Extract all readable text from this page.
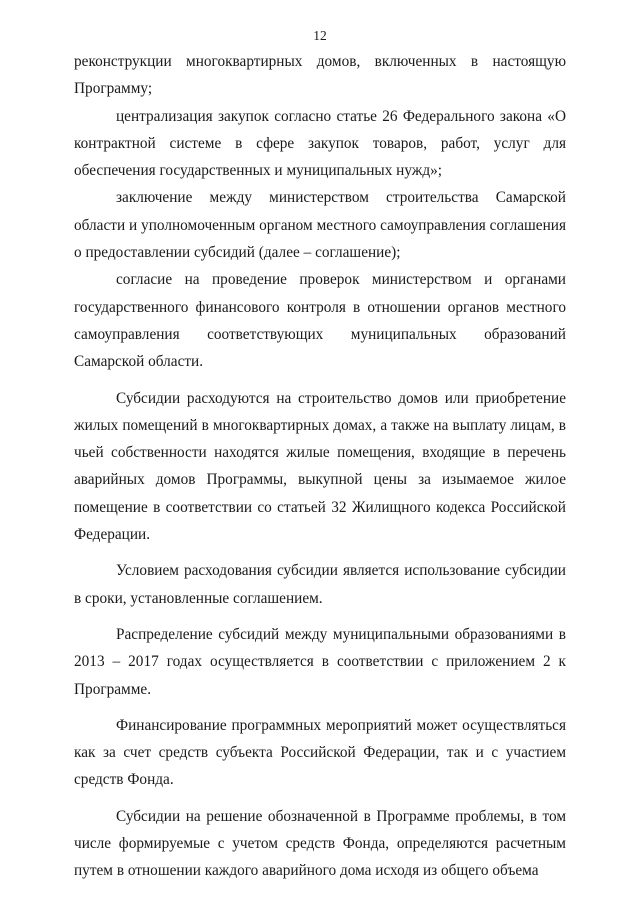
12

реконструкции многоквартирных домов, включенных в настоящую Программу;

централизация закупок согласно статье 26 Федерального закона «О контрактной системе в сфере закупок товаров, работ, услуг для обеспечения государственных и муниципальных нужд»;

заключение между министерством строительства Самарской области и уполномоченным органом местного самоуправления соглашения о предоставлении субсидий (далее – соглашение);

согласие на проведение проверок министерством и органами государственного финансового контроля в отношении органов местного самоуправления соответствующих муниципальных образований Самарской области.

Субсидии расходуются на строительство домов или приобретение жилых помещений в многоквартирных домах, а также на выплату лицам, в чьей собственности находятся жилые помещения, входящие в перечень аварийных домов Программы, выкупной цены за изымаемое жилое помещение в соответствии со статьей 32 Жилищного кодекса Российской Федерации.

Условием расходования субсидии является использование субсидии в сроки, установленные соглашением.

Распределение субсидий между муниципальными образованиями в 2013 – 2017 годах осуществляется в соответствии с приложением 2 к Программе.

Финансирование программных мероприятий может осуществляться как за счет средств субъекта Российской Федерации, так и с участием средств Фонда.

Субсидии на решение обозначенной в Программе проблемы, в том числе формируемые с учетом средств Фонда, определяются расчетным путем в отношении каждого аварийного дома исходя из общего объема
